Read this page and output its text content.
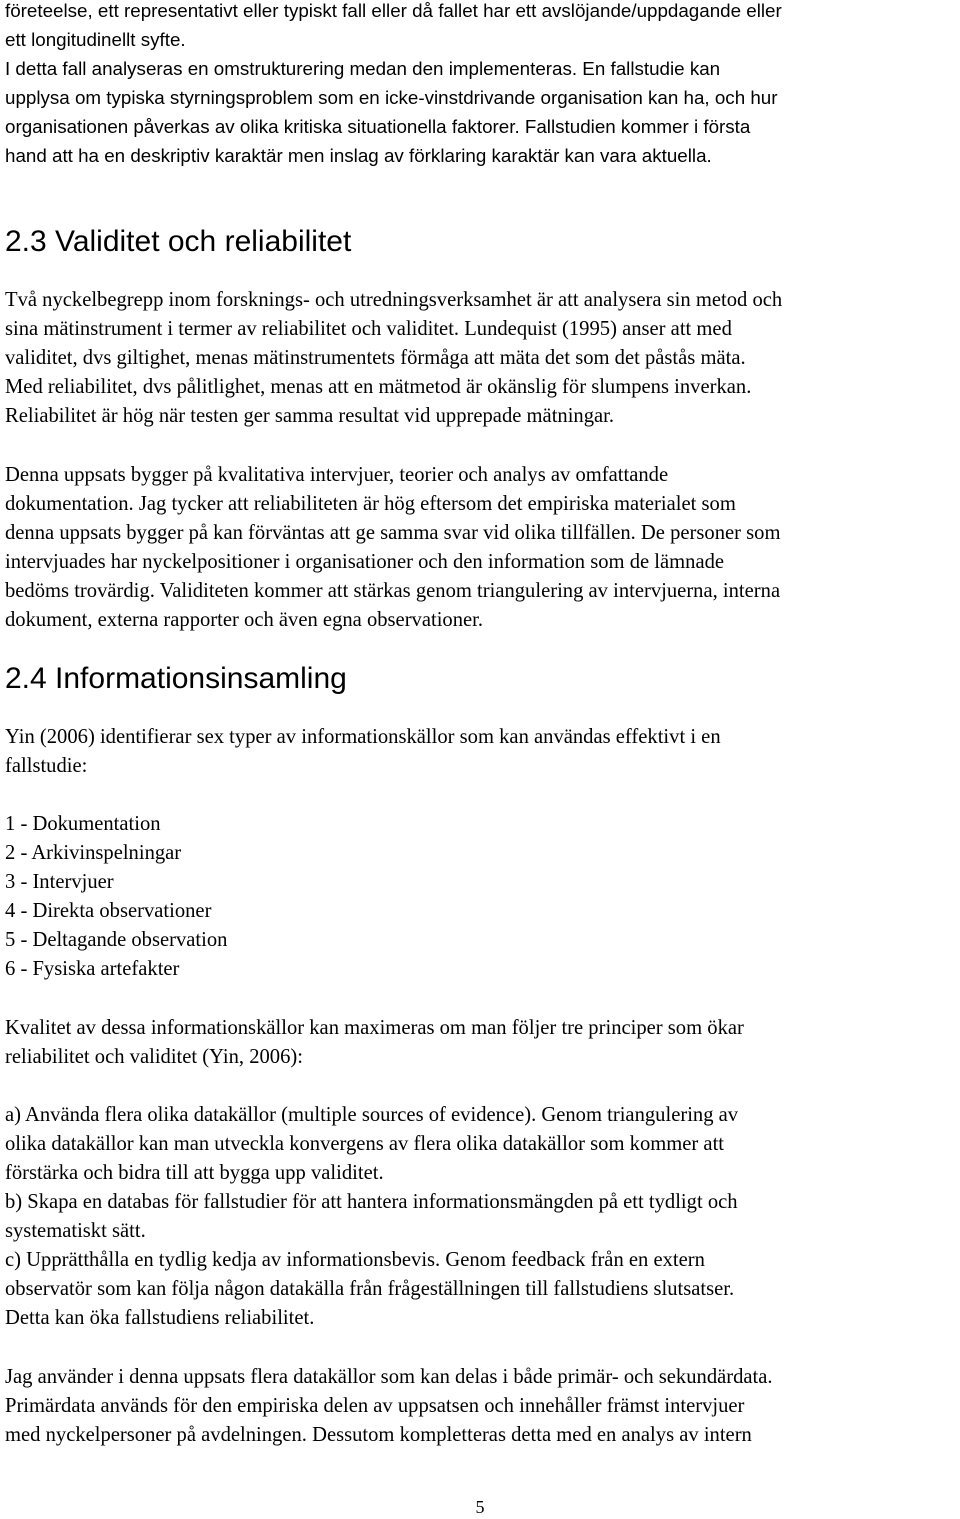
företeelse, ett representativt eller typiskt fall eller då fallet har ett avslöjande/uppdagande eller
ett longitudinellt syfte.

I detta fall analyseras en omstrukturering medan den implementeras. En fallstudie kan
upplysa om typiska styrningsproblem som en icke-vinstdrivande organisation kan ha, och hur
organisationen påverkas av olika kritiska situationella faktorer. Fallstudien kommer i första
hand att ha en deskriptiv karaktär men inslag av förklaring karaktär kan vara aktuella.

2.3 Validitet och reliabilitet

Två nyckelbegrepp inom forsknings- och utredningsverksamhet är att analysera sin metod och
sina mätinstrument i termer av reliabilitet och validitet. Lundequist (1995) anser att med
validitet, dvs giltighet, menas mätinstrumentets förmåga att mäta det som det påstås mäta.
Med reliabilitet, dvs pålitlighet, menas att en mätmetod är okänslig för slumpens inverkan.
Reliabilitet är hög när testen ger samma resultat vid upprepade mätningar.

Denna uppsats bygger på kvalitativa intervjuer, teorier och analys av omfattande
dokumentation. Jag tycker att reliabiliteten är hög eftersom det empiriska materialet som
denna uppsats bygger på kan förväntas att ge samma svar vid olika tillfällen. De personer som
intervjuades har nyckelpositioner i organisationer och den information som de lämnade
bedöms trovärdig. Validiteten kommer att stärkas genom triangulering av intervjuerna, interna
dokument, externa rapporter och även egna observationer.

2.4 Informationsinsamling

Yin (2006) identifierar sex typer av informationskällor som kan användas effektivt i en
fallstudie:

1 - Dokumentation
2 - Arkivinspelningar
3 - Intervjuer
4 - Direkta observationer
5 - Deltagande observation
6 - Fysiska artefakter

Kvalitet av dessa informationskällor kan maximeras om man följer tre principer som ökar
reliabilitet och validitet (Yin, 2006):

a) Använda flera olika datakällor (multiple sources of evidence). Genom triangulering av
olika datakällor kan man utveckla konvergens av flera olika datakällor som kommer att
förstärka och bidra till att bygga upp validitet.
b) Skapa en databas för fallstudier för att hantera informationsmängden på ett tydligt och
systematiskt sätt.
c) Upprätthålla en tydlig kedja av informationsbevis. Genom feedback från en extern
observatör som kan följa någon datakälla från frågeställningen till fallstudiens slutsatser.
Detta kan öka fallstudiens reliabilitet.

Jag använder i denna uppsats flera datakällor som kan delas i både primär- och sekundärdata.
Primärdata används för den empiriska delen av uppsatsen och innehåller främst intervjuer
med nyckelpersoner på avdelningen. Dessutom kompletteras detta med en analys av intern

5
